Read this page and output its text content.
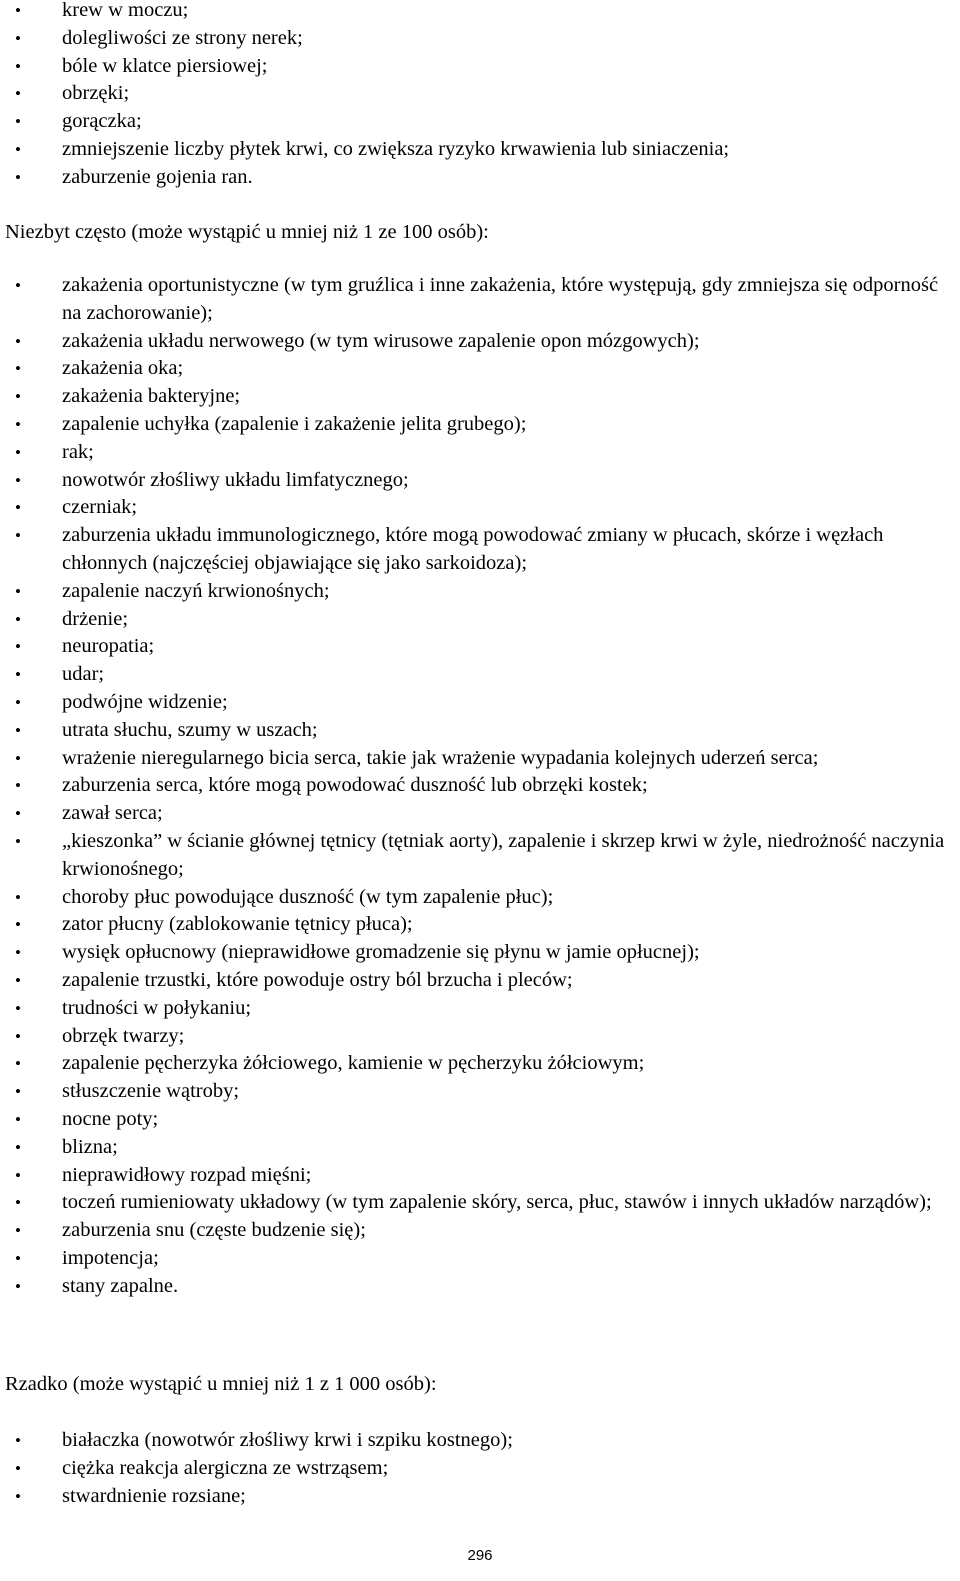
•	krew w moczu;
•	dolegliwości ze strony nerek;
•	bóle w klatce piersiowej;
•	obrzęki;
•	gorączka;
•	zmniejszenie liczby płytek krwi, co zwiększa ryzyko krwawienia lub siniaczenia;
•	zaburzenie gojenia ran.
Niezbyt często (może wystąpić u mniej niż 1 ze 100 osób):
•	zakażenia oportunistyczne (w tym gruźlica i inne zakażenia, które występują, gdy zmniejsza się odporność na zachorowanie);
•	zakażenia układu nerwowego (w tym wirusowe zapalenie opon mózgowych);
•	zakażenia oka;
•	zakażenia bakteryjne;
•	zapalenie uchyłka (zapalenie i zakażenie jelita grubego);
•	rak;
•	nowotwór złośliwy układu limfatycznego;
•	czerniak;
•	zaburzenia układu immunologicznego, które mogą powodować zmiany w płucach, skórze i węzłach chłonnych (najczęściej objawiające się jako sarkoidoza);
•	zapalenie naczyń krwionośnych;
•	drżenie;
•	neuropatia;
•	udar;
•	podwójne widzenie;
•	utrata słuchu, szumy w uszach;
•	wrażenie nieregularnego bicia serca, takie jak wrażenie wypadania kolejnych uderzeń serca;
•	zaburzenia serca, które mogą powodować duszność lub obrzęki kostek;
•	zawał serca;
•	„kieszonka” w ścianie głównej tętnicy (tętniak aorty), zapalenie i skrzep krwi w żyle, niedrożność naczynia krwionośnego;
•	choroby płuc powodujące duszność (w tym zapalenie płuc);
•	zator płucny (zablokowanie tętnicy płuca);
•	wysięk opłucnowy (nieprawidłowe gromadzenie się płynu w jamie opłucnej);
•	zapalenie trzustki, które powoduje ostry ból brzucha i pleców;
•	trudności w połykaniu;
•	obrzęk twarzy;
•	zapalenie pęcherzyka żółciowego, kamienie w pęcherzyku żółciowym;
•	stłuszczenie wątroby;
•	nocne poty;
•	blizna;
•	nieprawidłowy rozpad mięśni;
•	toczeń rumieniowaty układowy (w tym zapalenie skóry, serca, płuc, stawów i innych układów narządów);
•	zaburzenia snu (częste budzenie się);
•	impotencja;
•	stany zapalne.
Rzadko (może wystąpić u mniej niż 1 z 1 000 osób):
•	białaczka (nowotwór złośliwy krwi i szpiku kostnego);
•	ciężka reakcja alergiczna ze wstrząsem;
•	stwardnienie rozsiane;
296
